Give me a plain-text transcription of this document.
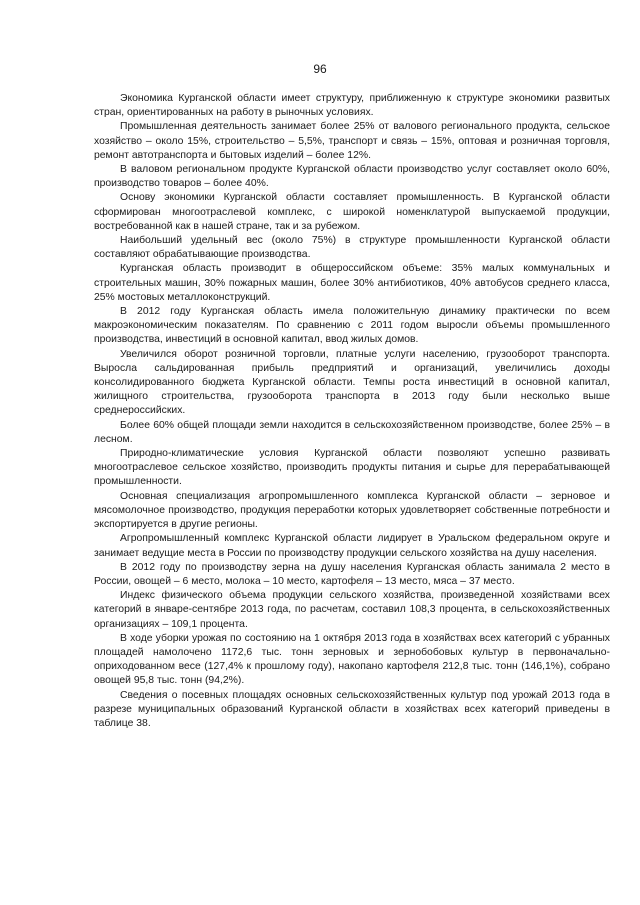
96

Экономика Курганской области имеет структуру, приближенную к структуре экономики развитых стран, ориентированных на работу в рыночных условиях.

Промышленная деятельность занимает более 25% от валового регионального продукта, сельское хозяйство – около 15%, строительство – 5,5%, транспорт и связь – 15%, оптовая и розничная торговля, ремонт автотранспорта и бытовых изделий – более 12%.

В валовом региональном продукте Курганской области производство услуг составляет около 60%, производство товаров – более 40%.

Основу экономики Курганской области составляет промышленность. В Курганской области сформирован многоотраслевой комплекс, с широкой номенклатурой выпускаемой продукции, востребованной как в нашей стране, так и за рубежом.

Наибольший удельный вес (около 75%) в структуре промышленности Курганской области составляют обрабатывающие производства.

Курганская область производит в общероссийском объеме: 35% малых коммунальных и строительных машин, 30% пожарных машин, более 30% антибиотиков, 40% автобусов среднего класса, 25% мостовых металлоконструкций.

В 2012 году Курганская область имела положительную динамику практически по всем макроэкономическим показателям. По сравнению с 2011 годом выросли объемы промышленного производства, инвестиций в основной капитал, ввод жилых домов.

Увеличился оборот розничной торговли, платные услуги населению, грузооборот транспорта. Выросла сальдированная прибыль предприятий и организаций, увеличились доходы консолидированного бюджета Курганской области. Темпы роста инвестиций в основной капитал, жилищного строительства, грузооборота транспорта в 2013 году были несколько выше среднероссийских.

Более 60% общей площади земли находится в сельскохозяйственном производстве, более 25% – в лесном.

Природно-климатические условия Курганской области позволяют успешно развивать многоотраслевое сельское хозяйство, производить продукты питания и сырье для перерабатывающей промышленности.

Основная специализация агропромышленного комплекса Курганской области – зерновое и мясомолочное производство, продукция переработки которых удовлетворяет собственные потребности и экспортируется в другие регионы.

Агропромышленный комплекс Курганской области лидирует в Уральском федеральном округе и занимает ведущие места в России по производству продукции сельского хозяйства на душу населения.

В 2012 году по производству зерна на душу населения Курганская область занимала 2 место в России, овощей – 6 место, молока – 10 место, картофеля – 13 место, мяса – 37 место.

Индекс физического объема продукции сельского хозяйства, произведенной хозяйствами всех категорий в январе-сентябре 2013 года, по расчетам, составил 108,3 процента, в сельскохозяйственных организациях – 109,1 процента.

В ходе уборки урожая по состоянию на 1 октября 2013 года в хозяйствах всех категорий с убранных площадей намолочено 1172,6 тыс. тонн зерновых и зернобобовых культур в первоначально-оприходованном весе (127,4% к прошлому году), накопано картофеля 212,8 тыс. тонн (146,1%), собрано овощей 95,8 тыс. тонн (94,2%).

Сведения о посевных площадях основных сельскохозяйственных культур под урожай 2013 года в разрезе муниципальных образований Курганской области в хозяйствах всех категорий приведены в таблице 38.
